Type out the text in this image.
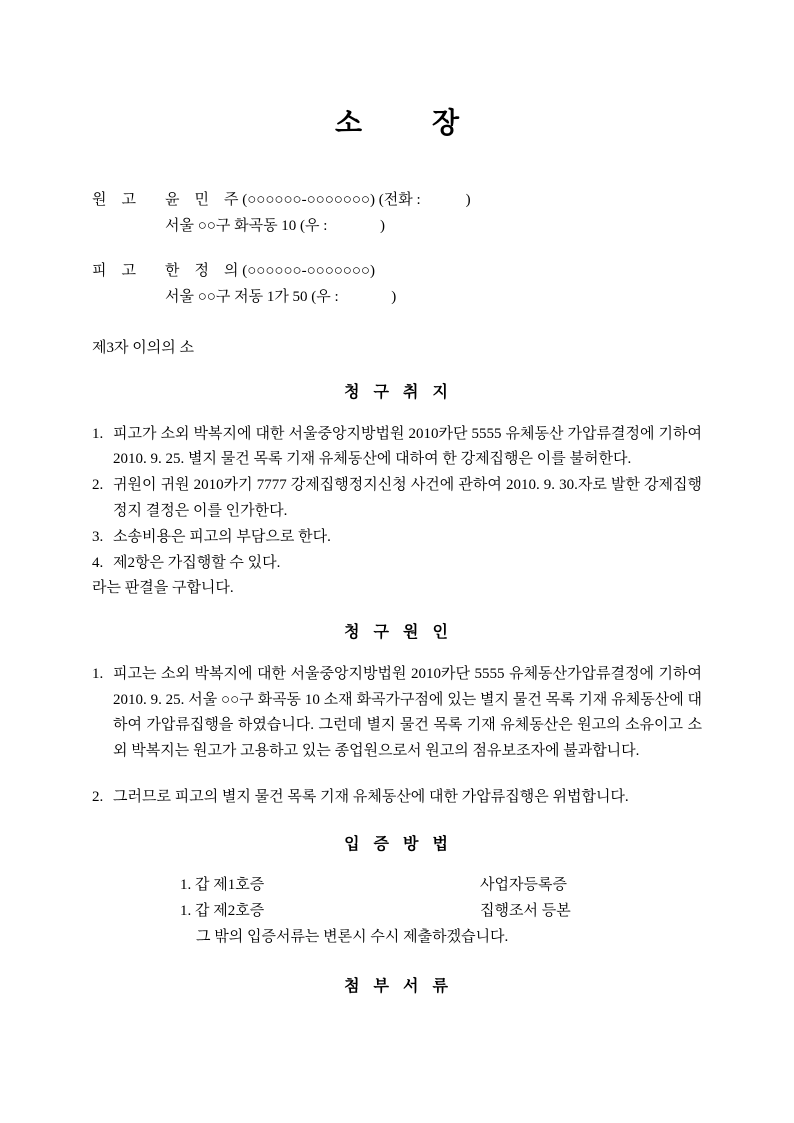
소          장
원    고	윤    민    주 (○○○○○○-○○○○○○○) (전화 :            )
서울 ○○구 화곡동 10 (우 :              )
피    고	한    정    의 (○○○○○○-○○○○○○○)
서울 ○○구 저동 1가 50 (우 :              )
제3자 이의의 소
청  구  취  지
1. 피고가 소외 박복지에 대한 서울중앙지방법원 2010카단 5555 유체동산 가압류결정에 기하여 2010. 9. 25. 별지 물건 목록 기재 유체동산에 대하여 한 강제집행은 이를 불허한다.
2. 귀원이 귀원 2010카기 7777 강제집행정지신청 사건에 관하여 2010. 9. 30.자로 발한 강제집행정지 결정은 이를 인가한다.
3. 소송비용은 피고의 부담으로 한다.
4. 제2항은 가집행할 수 있다.
라는 판결을 구합니다.
청  구  원  인
1. 피고는 소외 박복지에 대한 서울중앙지방법원 2010카단 5555 유체동산가압류결정에 기하여 2010. 9. 25. 서울 ○○구 화곡동 10 소재 화곡가구점에 있는 별지 물건 목록 기재 유체동산에 대하여 가압류집행을 하였습니다. 그런데 별지 물건 목록 기재 유체동산은 원고의 소유이고 소외 박복지는 원고가 고용하고 있는 종업원으로서 원고의 점유보조자에 불과합니다.
2. 그러므로 피고의 별지 물건 목록 기재 유체동산에 대한 가압류집행은 위법합니다.
입  증  방  법
1. 갑 제1호증	사업자등록증
1. 갑 제2호증	집행조서 등본
그 밖의 입증서류는 변론시 수시 제출하겠습니다.
첨  부  서  류
